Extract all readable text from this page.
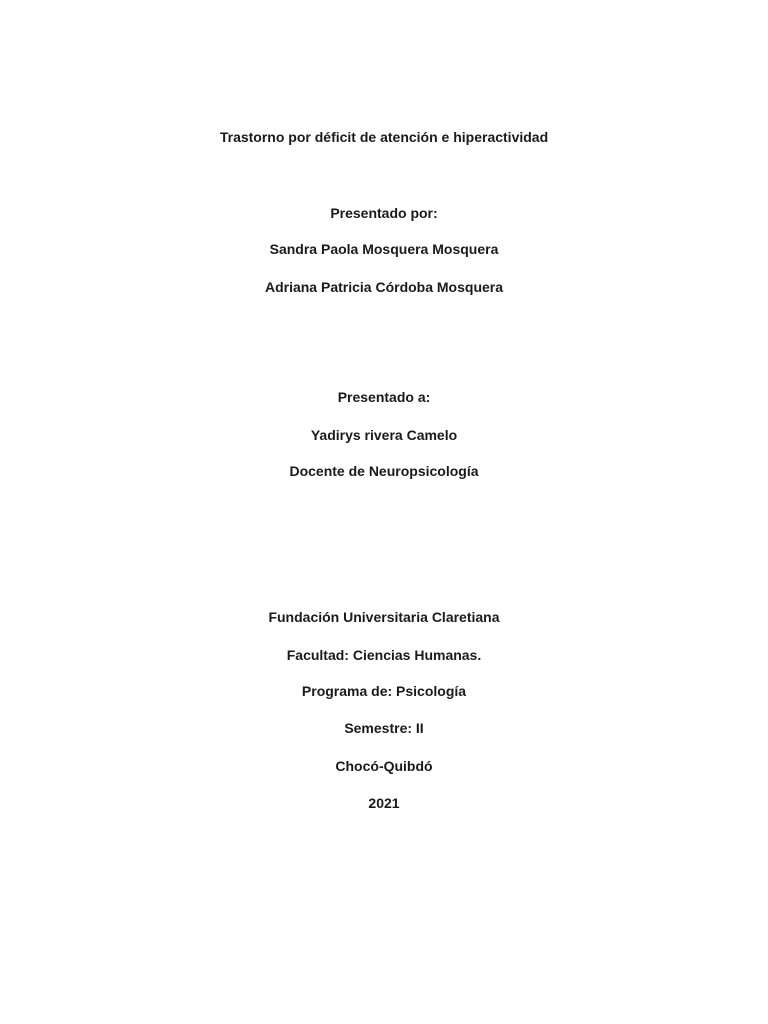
Trastorno por déficit de atención e hiperactividad
Presentado por:
Sandra Paola Mosquera Mosquera
Adriana Patricia Córdoba Mosquera
Presentado a:
Yadirys rivera Camelo
Docente de Neuropsicología
Fundación Universitaria Claretiana
Facultad: Ciencias Humanas.
Programa de: Psicología
Semestre: II
Chocó-Quibdó
2021
